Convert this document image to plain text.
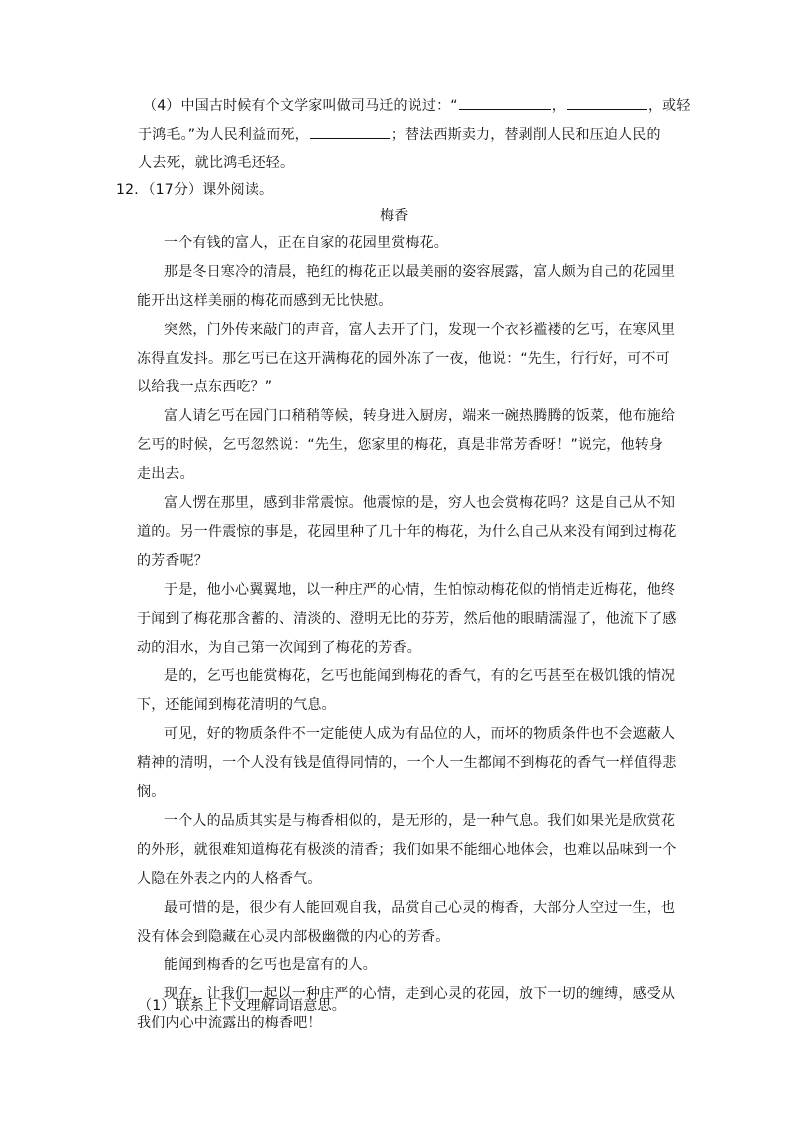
（4）中国古时候有个文学家叫做司马迁的说过：“	，	，或轻
于鸿毛。”为人民利益而死，	；替法西斯卖力，替剥削人民和压迫人民的
人去死，就比鸿毛还轻。
12．（17分）课外阅读。
梅香
一个有钱的富人，正在自家的花园里赏梅花。
那是冬日寒冷的清晨，艳红的梅花正以最美丽的姿容展露，富人颇为自己的花园里
能开出这样美丽的梅花而感到无比快慰。
突然，门外传来敲门的声音，富人去开了门，发现一个衣衫褴褛的乞丐，在寒风里
冻得直发抖。那乞丐已在这开满梅花的园外冻了一夜，他说：“先生，行行好，可不可
以给我一点东西吃？”
富人请乞丐在园门口稍稍等候，转身进入厨房，端来一碗热腾腾的饭菜，他布施给
乞丐的时候，乞丐忽然说：“先生，您家里的梅花，真是非常芳香呀！”说完，他转身
走出去。
富人愣在那里，感到非常震惊。他震惊的是，穷人也会赏梅花吗？这是自己从不知
道的。另一件震惊的事是，花园里种了几十年的梅花，为什么自己从来没有闻到过梅花
的芳香呢？
于是，他小心翼翼地，以一种庄严的心情，生怕惊动梅花似的悄悄走近梅花，他终
于闻到了梅花那含蓄的、清淡的、澄明无比的芬芳，然后他的眼睛濡湿了，他流下了感
动的泪水，为自己第一次闻到了梅花的芳香。
是的，乞丐也能赏梅花，乞丐也能闻到梅花的香气，有的乞丐甚至在极饥饿的情况
下，还能闻到梅花清明的气息。
可见，好的物质条件不一定能使人成为有品位的人，而坏的物质条件也不会遮蔽人
精神的清明，一个人没有钱是值得同情的，一个人一生都闻不到梅花的香气一样值得悲
悯。
一个人的品质其实是与梅香相似的，是无形的，是一种气息。我们如果光是欣赏花
的外形，就很难知道梅花有极淡的清香；我们如果不能细心地体会，也难以品味到一个
人隐在外表之内的人格香气。
最可惜的是，很少有人能回观自我，品赏自己心灵的梅香，大部分人空过一生，也
没有体会到隐藏在心灵内部极幽微的内心的芳香。
能闻到梅香的乞丐也是富有的人。
现在，让我们一起以一种庄严的心情，走到心灵的花园，放下一切的缠缚，感受从
我们内心中流露出的梅香吧！
（1）联系上下文理解词语意思。
